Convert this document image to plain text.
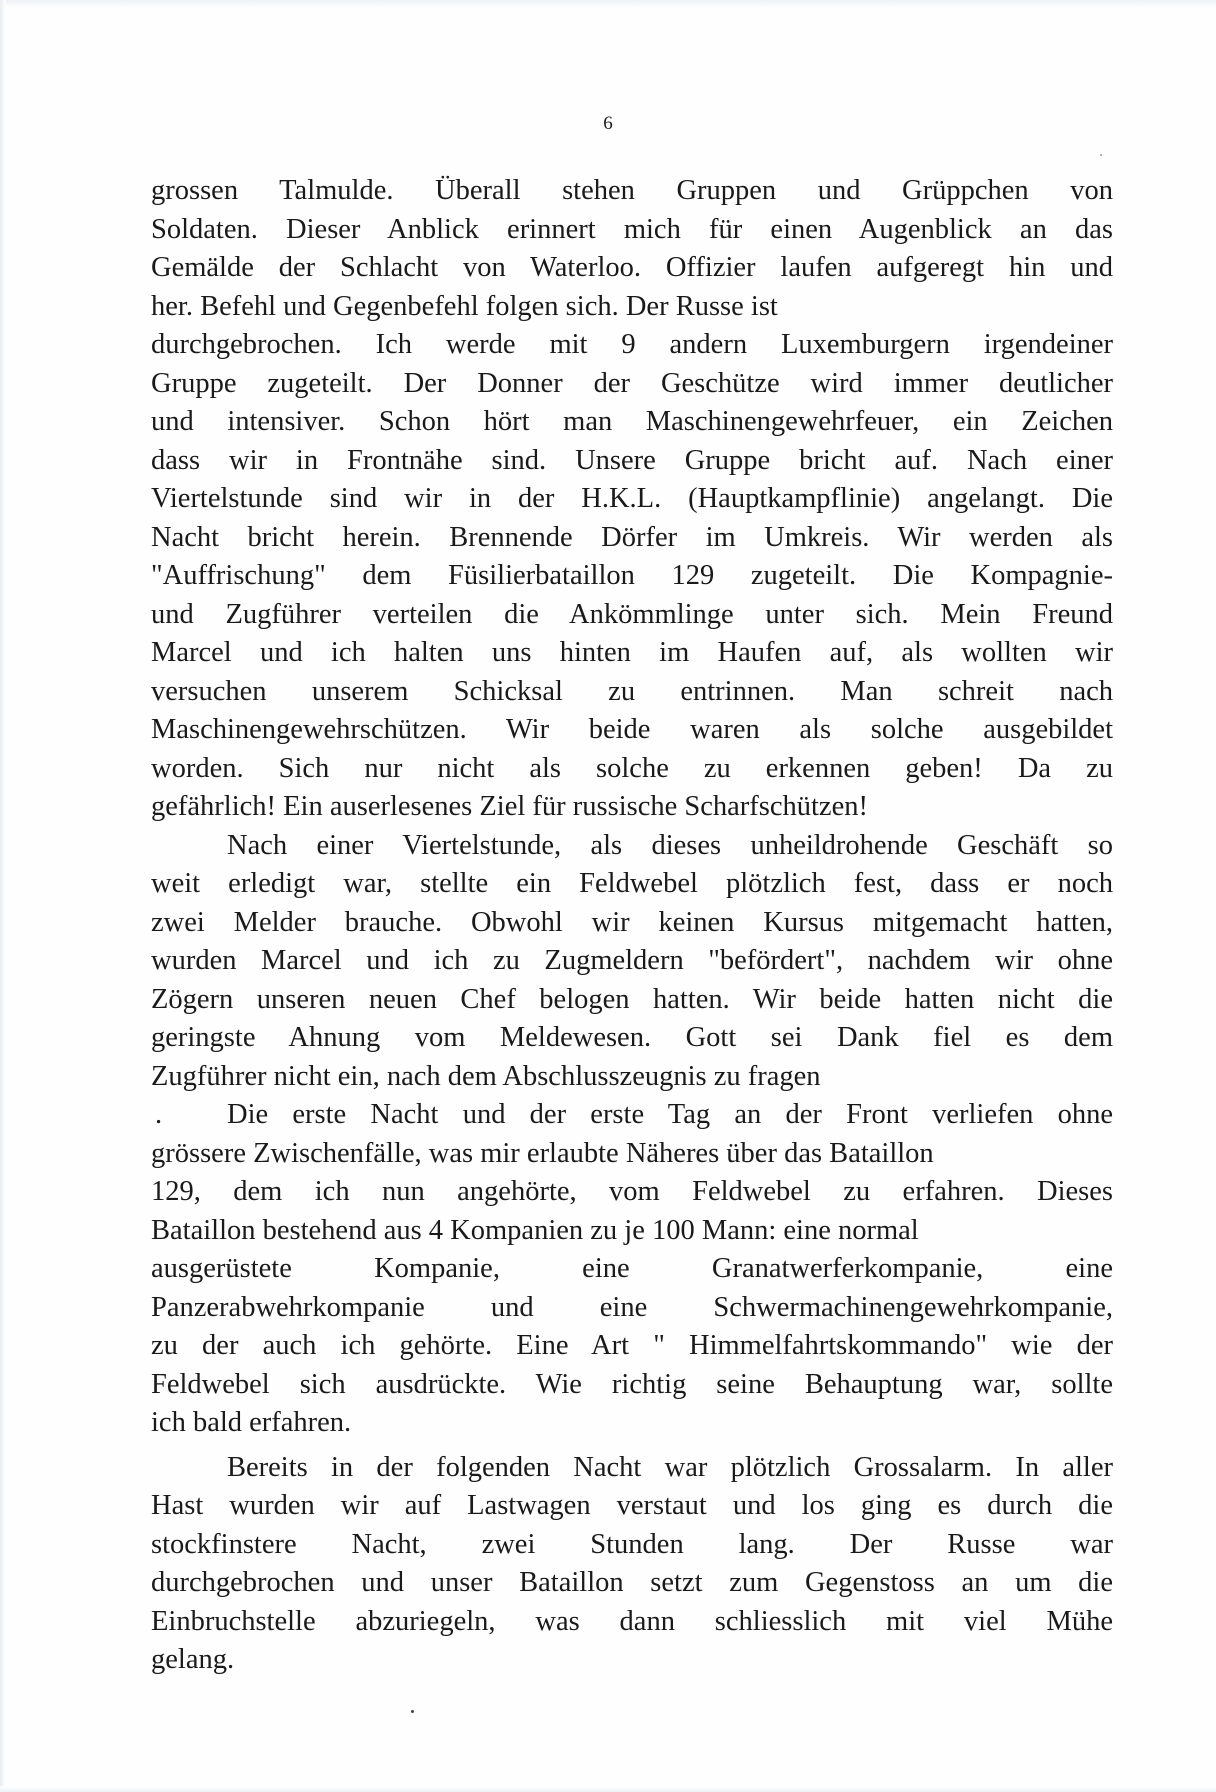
6
grossen Talmulde. Überall stehen Gruppen und Grüppchen von
Soldaten. Dieser Anblick erinnert mich für einen Augenblick an das
Gemälde der Schlacht von Waterloo. Offizier laufen aufgeregt hin und
her. Befehl und Gegenbefehl folgen sich. Der Russe ist
durchgebrochen. Ich werde mit 9 andern Luxemburgern irgendeiner
Gruppe zugeteilt. Der Donner der Geschütze wird immer deutlicher
und intensiver. Schon hört man Maschinengewehrfeuer, ein Zeichen
dass wir in Frontnähe sind. Unsere Gruppe bricht auf. Nach einer
Viertelstunde sind wir in der H.K.L. (Hauptkampflinie) angelangt. Die
Nacht bricht herein. Brennende Dörfer im Umkreis. Wir werden als
"Auffrischung" dem Füsilierbataillon 129 zugeteilt. Die Kompagnie-
und Zugführer verteilen die Ankömmlinge unter sich. Mein Freund
Marcel und ich halten uns hinten im Haufen auf, als wollten wir
versuchen unserem Schicksal zu entrinnen. Man schreit nach
Maschinengewehrschützen. Wir beide waren als solche ausgebildet
worden. Sich nur nicht als solche zu erkennen geben! Da zu
gefährlich! Ein auserlesenes Ziel für russische Scharfschützen!
Nach einer Viertelstunde, als dieses unheildrohende Geschäft so
weit erledigt war, stellte ein Feldwebel plötzlich fest, dass er noch
zwei Melder brauche. Obwohl wir keinen Kursus mitgemacht hatten,
wurden Marcel und ich zu Zugmeldern "befördert", nachdem wir ohne
Zögern unseren neuen Chef belogen hatten. Wir beide hatten nicht die
geringste Ahnung vom Meldewesen. Gott sei Dank fiel es dem
Zugführer nicht ein, nach dem Abschlusszeugnis zu fragen
. Die erste Nacht und der erste Tag an der Front verliefen ohne
grössere Zwischenfälle, was mir erlaubte Näheres über das Bataillon
129, dem ich nun angehörte, vom Feldwebel zu erfahren. Dieses
Bataillon bestehend aus 4 Kompanien zu je 100 Mann: eine normal
ausgerüstete Kompanie, eine Granatwerferkompanie, eine
Panzerabwehrkompanie und eine Schwermachinengewehrkompanie,
zu der auch ich gehörte. Eine Art " Himmelfahrtskommando" wie der
Feldwebel sich ausdrückte. Wie richtig seine Behauptung war, sollte
ich bald erfahren.
Bereits in der folgenden Nacht war plötzlich Grossalarm. In aller
Hast wurden wir auf Lastwagen verstaut und los ging es durch die
stockfinstere Nacht, zwei Stunden lang. Der Russe war
durchgebrochen und unser Bataillon setzt zum Gegenstoss an um die
Einbruchstelle abzuriegeln, was dann schliesslich mit viel Mühe
gelang.
